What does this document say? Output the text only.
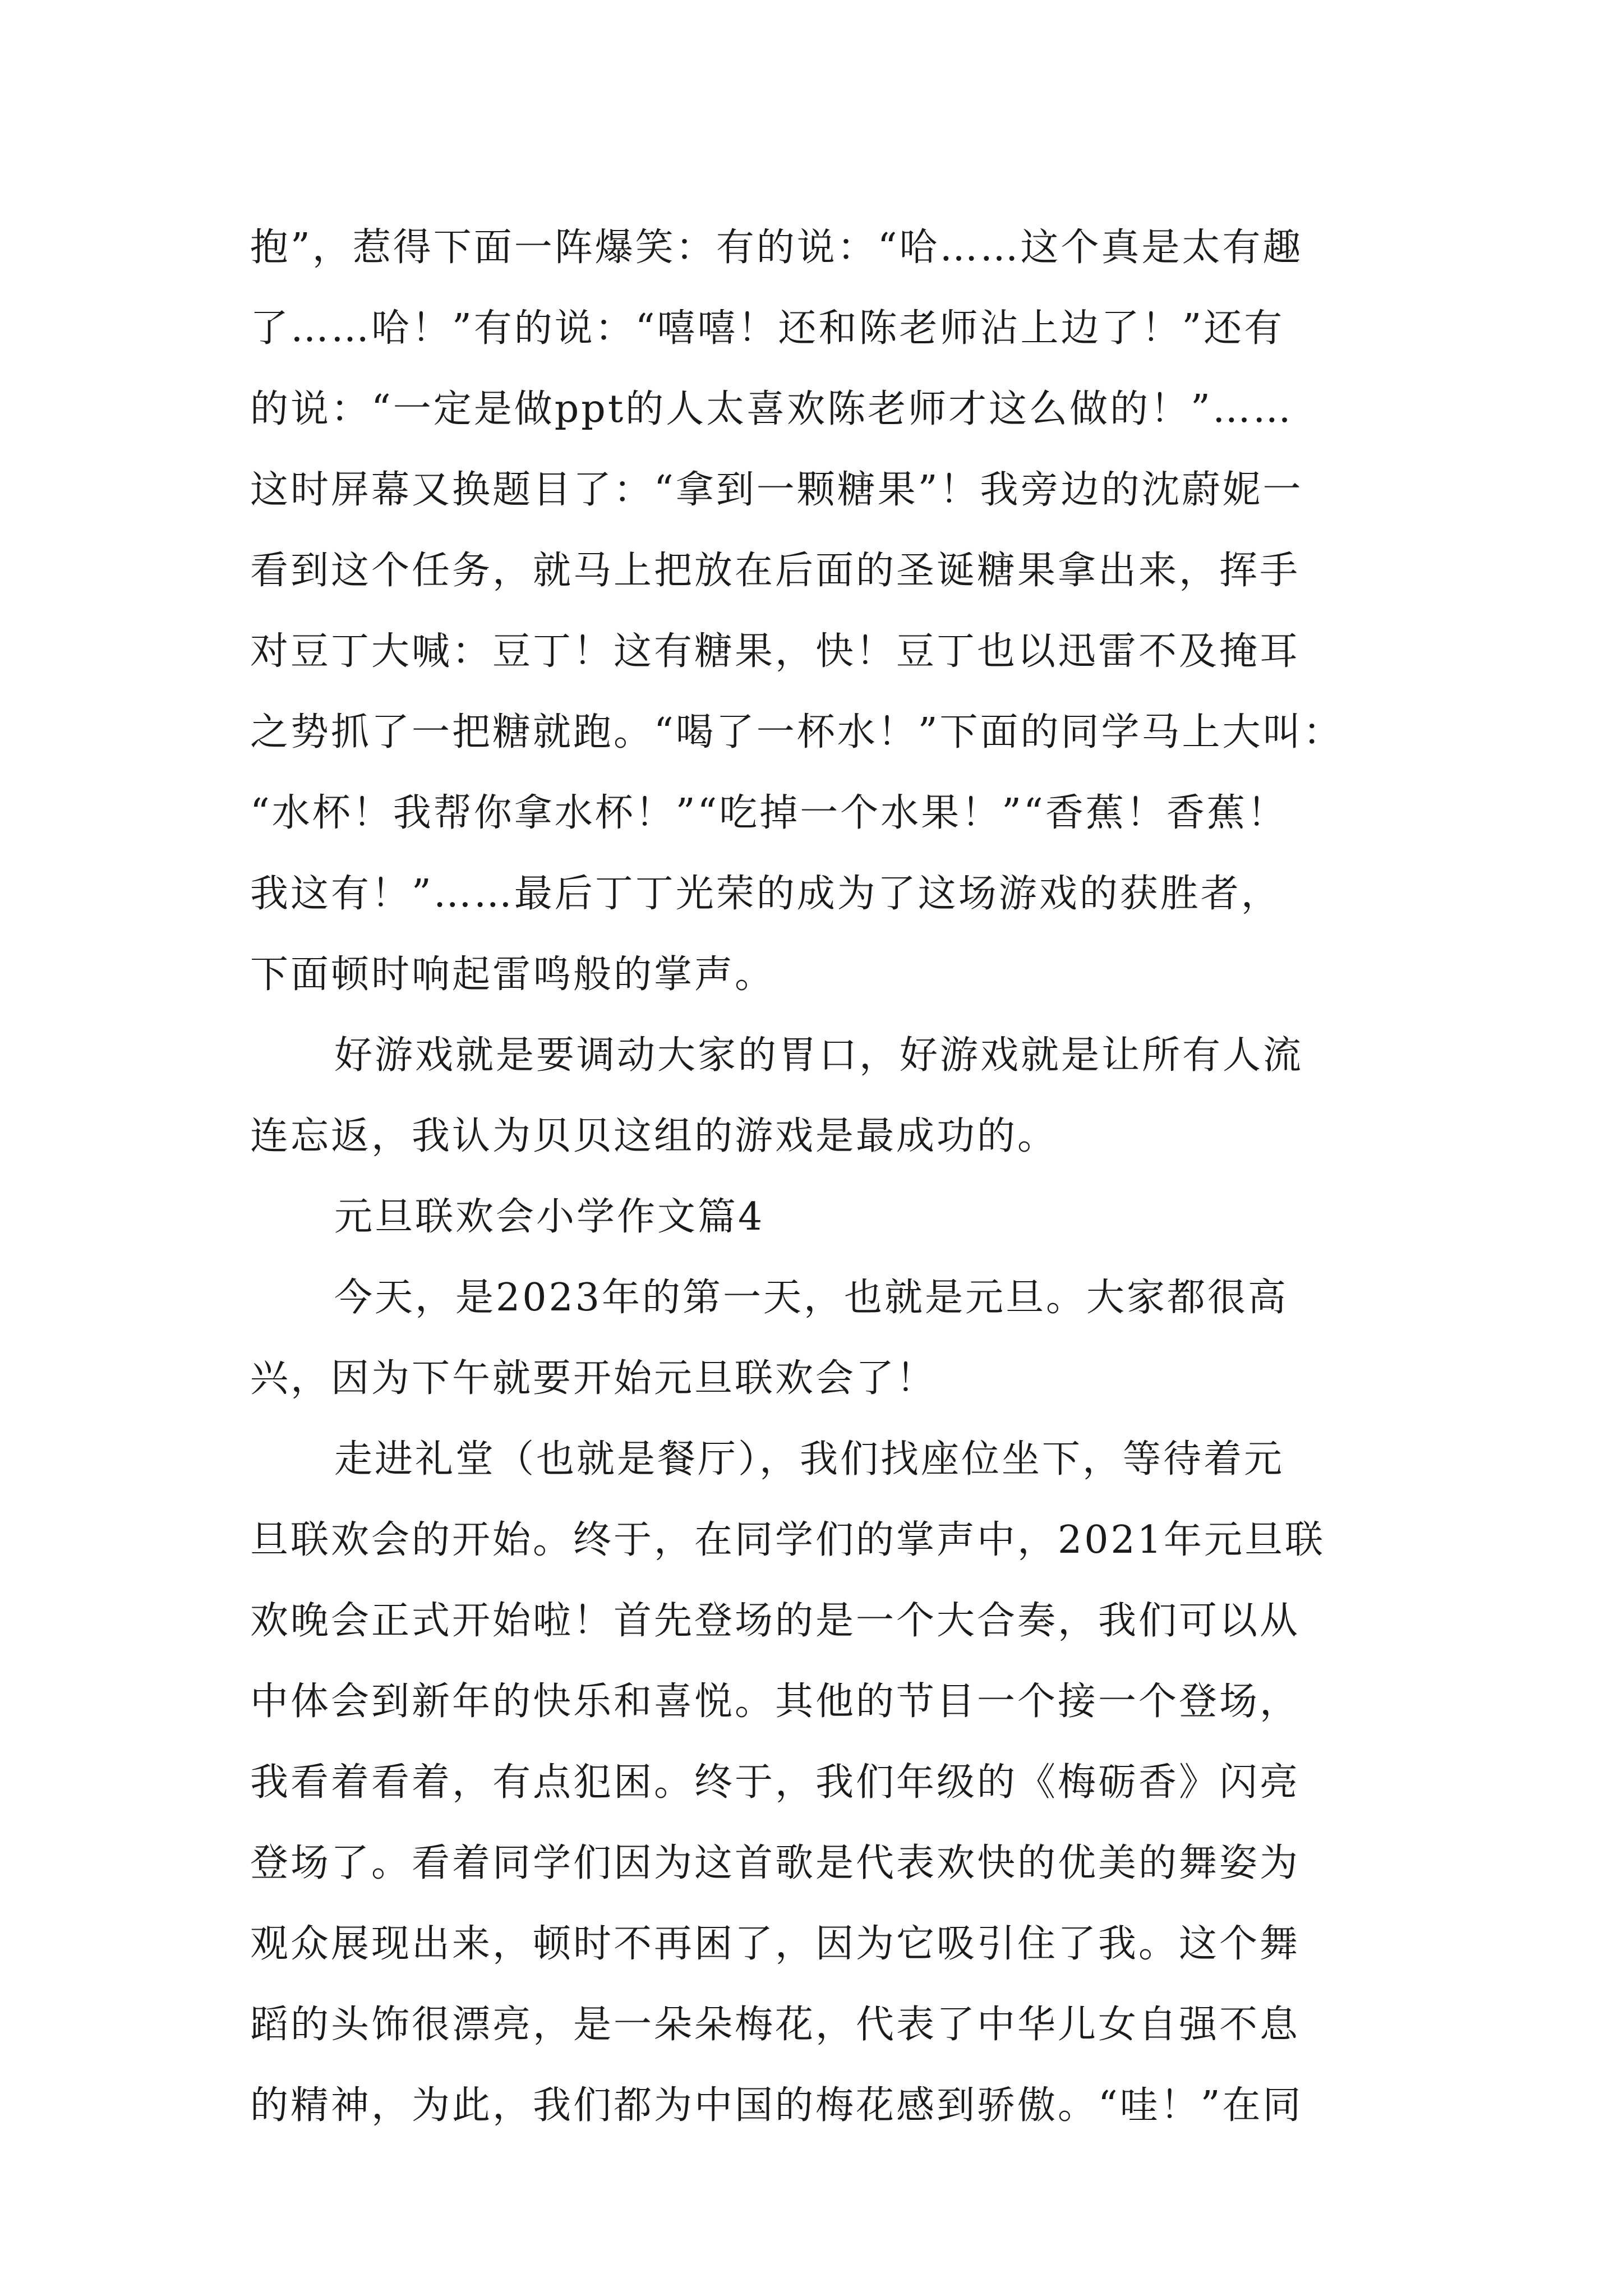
抱”，惹得下面一阵爆笑：有的说：“哈……这个真是太有趣
了……哈！”有的说：“嘻嘻！还和陈老师沾上边了！”还有
的说：“一定是做ppt的人太喜欢陈老师才这么做的！”……
这时屏幕又换题目了：“拿到一颗糖果”！我旁边的沈蔚妮一
看到这个任务，就马上把放在后面的圣诞糖果拿出来，挥手
对豆丁大喊：豆丁！这有糖果，快！豆丁也以迅雷不及掩耳
之势抓了一把糖就跑。“喝了一杯水！”下面的同学马上大叫：
“水杯！我帮你拿水杯！”“吃掉一个水果！”“香蕉！香蕉！
我这有！”……最后丁丁光荣的成为了这场游戏的获胜者，
下面顿时响起雷鸣般的掌声。
好游戏就是要调动大家的胃口，好游戏就是让所有人流
连忘返，我认为贝贝这组的游戏是最成功的。
元旦联欢会小学作文篇4
今天，是2023年的第一天，也就是元旦。大家都很高
兴，因为下午就要开始元旦联欢会了！
走进礼堂（也就是餐厅），我们找座位坐下，等待着元
旦联欢会的开始。终于，在同学们的掌声中，2021年元旦联
欢晚会正式开始啦！首先登场的是一个大合奏，我们可以从
中体会到新年的快乐和喜悦。其他的节目一个接一个登场，
我看着看着，有点犯困。终于，我们年级的《梅砺香》闪亮
登场了。看着同学们因为这首歌是代表欢快的优美的舞姿为
观众展现出来，顿时不再困了，因为它吸引住了我。这个舞
蹈的头饰很漂亮，是一朵朵梅花，代表了中华儿女自强不息
的精神，为此，我们都为中国的梅花感到骄傲。“哇！”在同
